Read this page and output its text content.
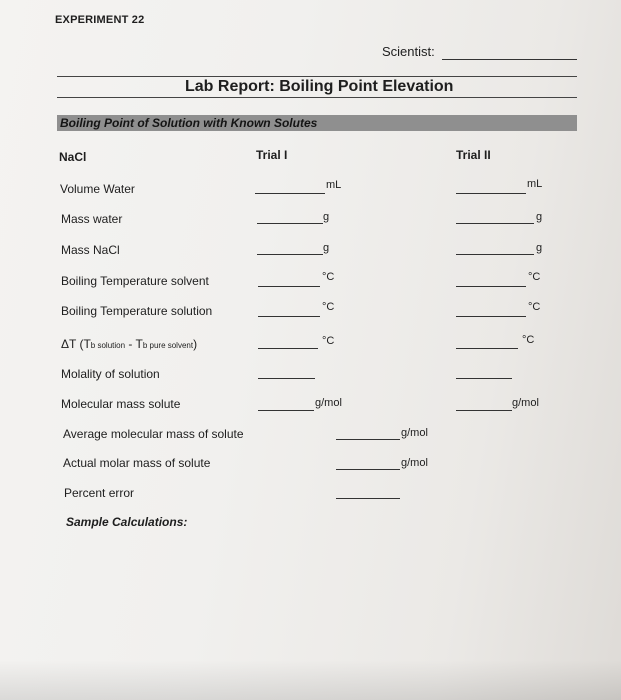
EXPERIMENT 22
Scientist:
Lab Report: Boiling Point Elevation
Boiling Point of Solution with Known Solutes
NaCl	Trial I	Trial II
Volume Water	mL	mL
Mass water	g	g
Mass NaCl	g	g
Boiling Temperature solvent	°C	°C
Boiling Temperature solution	°C	°C
ΔT (Tb solution - Tb pure solvent)	°C	°C
Molality of solution
Molecular mass solute	g/mol	g/mol
Average molecular mass of solute	g/mol
Actual molar mass of solute	g/mol
Percent error
Sample Calculations:
